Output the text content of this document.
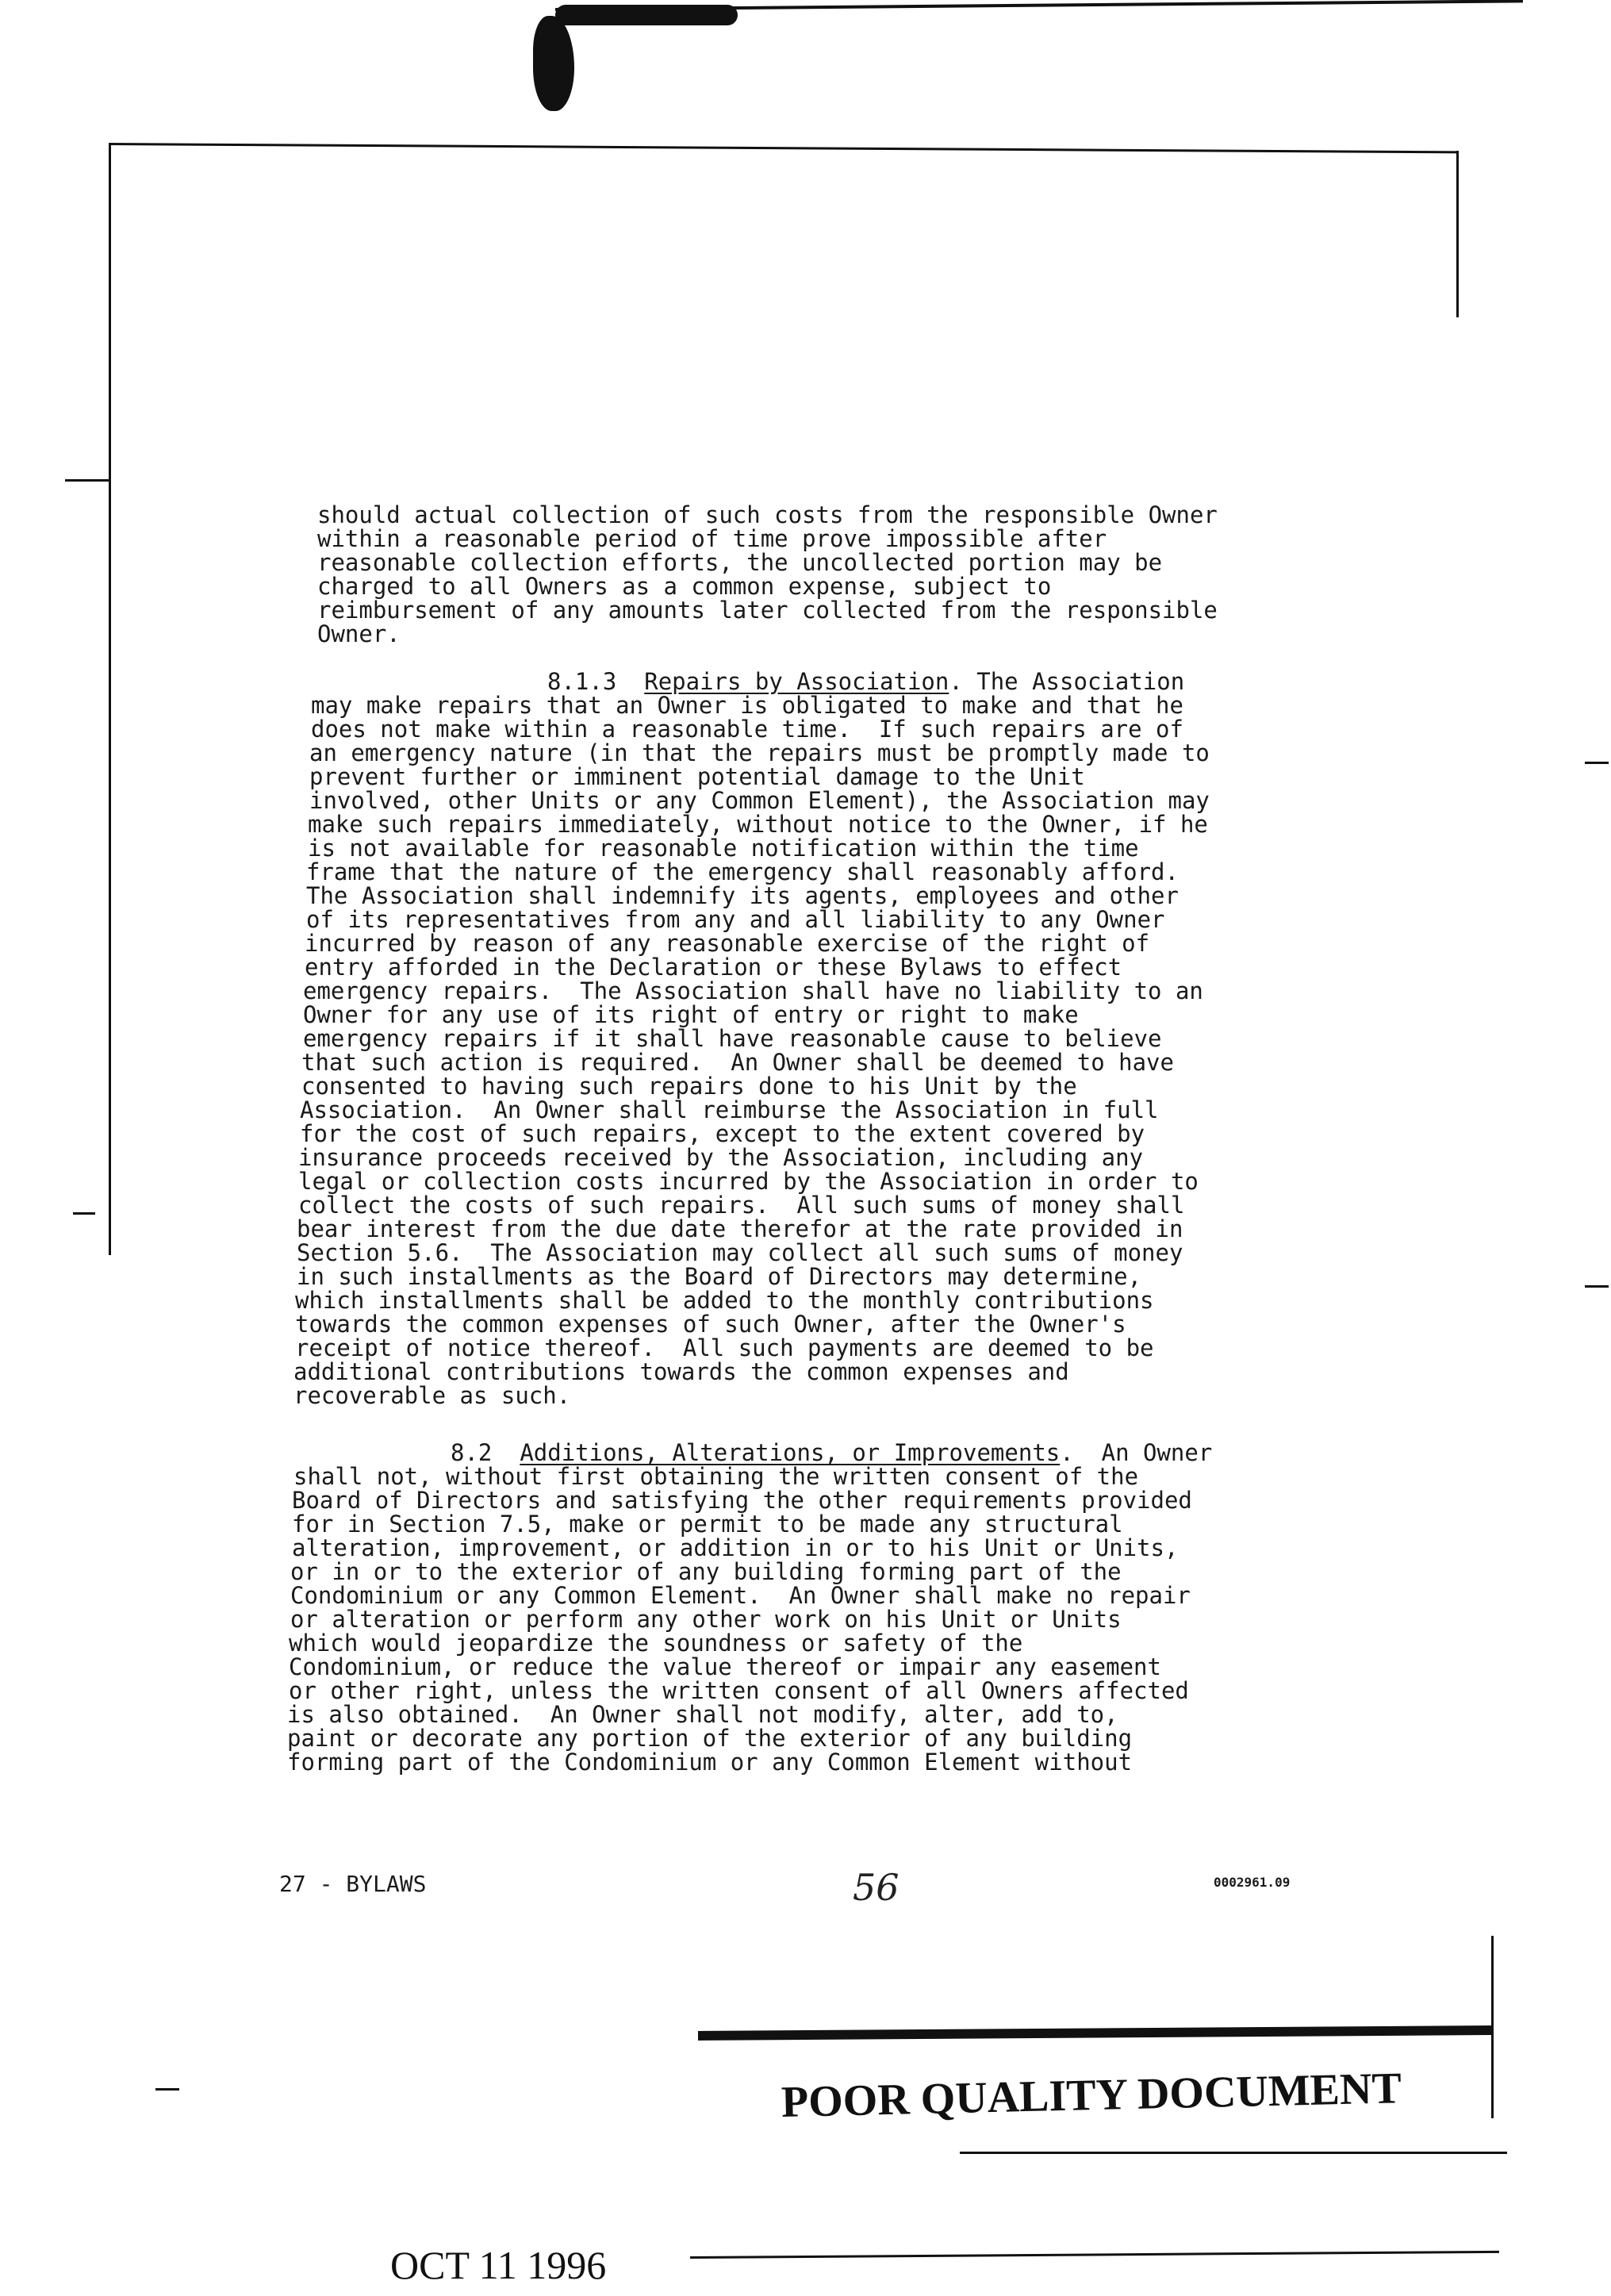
should actual collection of such costs from the responsible Owner
within a reasonable period of time prove impossible after
reasonable collection efforts, the uncollected portion may be
charged to all Owners as a common expense, subject to
reimbursement of any amounts later collected from the responsible
Owner.
8.1.3 Repairs by Association. The Association
may make repairs that an Owner is obligated to make and that he
does not make within a reasonable time.  If such repairs are of
an emergency nature (in that the repairs must be promptly made to
prevent further or imminent potential damage to the Unit
involved, other Units or any Common Element), the Association may
make such repairs immediately, without notice to the Owner, if he
is not available for reasonable notification within the time
frame that the nature of the emergency shall reasonably afford.
The Association shall indemnify its agents, employees and other
of its representatives from any and all liability to any Owner
incurred by reason of any reasonable exercise of the right of
entry afforded in the Declaration or these Bylaws to effect
emergency repairs.  The Association shall have no liability to an
Owner for any use of its right of entry or right to make
emergency repairs if it shall have reasonable cause to believe
that such action is required.  An Owner shall be deemed to have
consented to having such repairs done to his Unit by the
Association.  An Owner shall reimburse the Association in full
for the cost of such repairs, except to the extent covered by
insurance proceeds received by the Association, including any
legal or collection costs incurred by the Association in order to
collect the costs of such repairs.  All such sums of money shall
bear interest from the due date therefor at the rate provided in
Section 5.6.  The Association may collect all such sums of money
in such installments as the Board of Directors may determine,
which installments shall be added to the monthly contributions
towards the common expenses of such Owner, after the Owner's
receipt of notice thereof.  All such payments are deemed to be
additional contributions towards the common expenses and
recoverable as such.
8.2 Additions, Alterations, or Improvements.  An Owner
shall not, without first obtaining the written consent of the
Board of Directors and satisfying the other requirements provided
for in Section 7.5, make or permit to be made any structural
alteration, improvement, or addition in or to his Unit or Units,
or in or to the exterior of any building forming part of the
Condominium or any Common Element.  An Owner shall make no repair
or alteration or perform any other work on his Unit or Units
which would jeopardize the soundness or safety of the
Condominium, or reduce the value thereof or impair any easement
or other right, unless the written consent of all Owners affected
is also obtained.  An Owner shall not modify, alter, add to,
paint or decorate any portion of the exterior of any building
forming part of the Condominium or any Common Element without
27 - BYLAWS	56	0002961.09
POOR QUALITY DOCUMENT
OCT 11 1996
